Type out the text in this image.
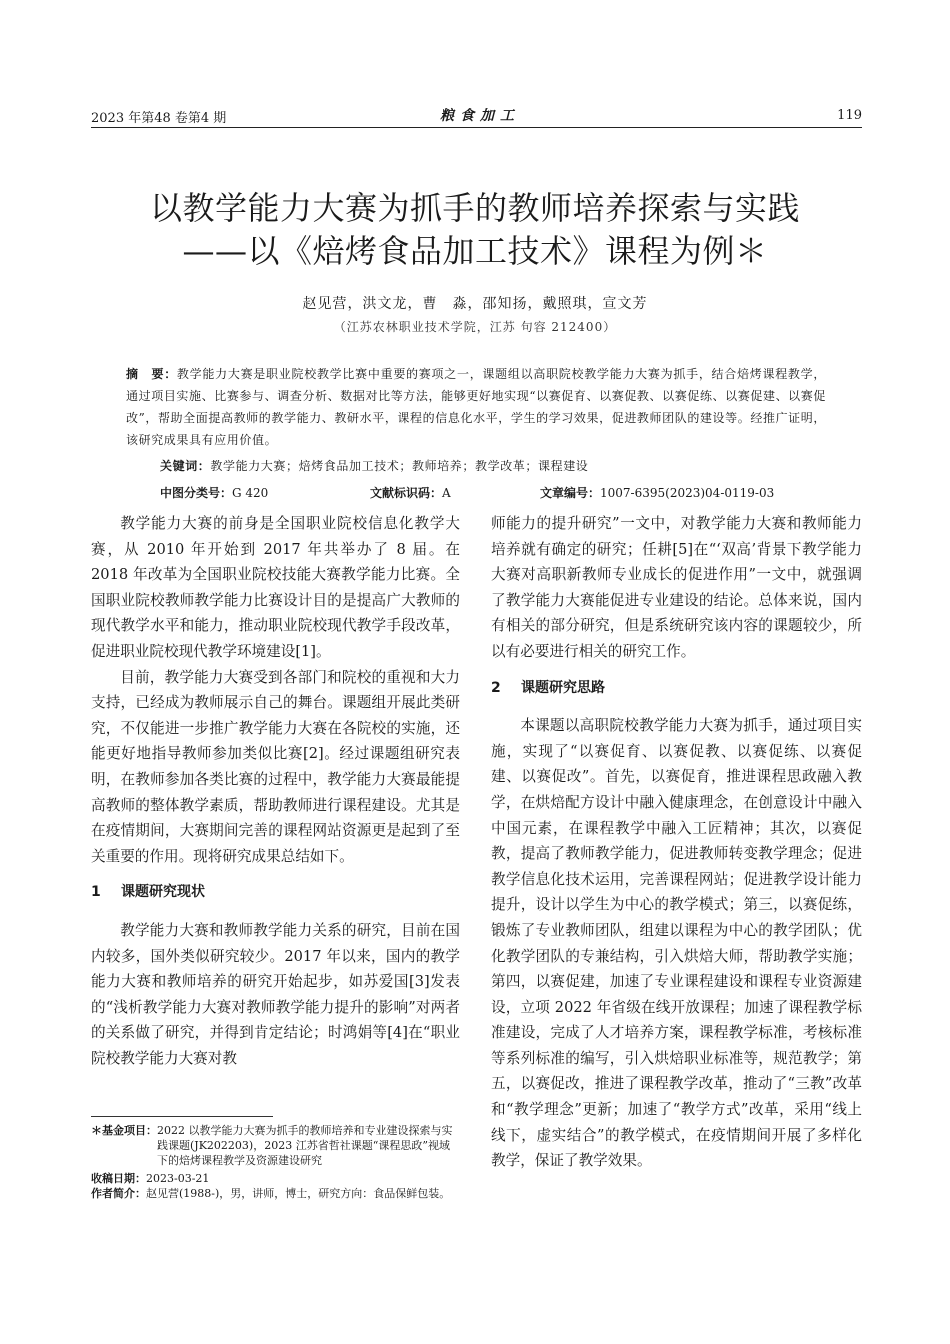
2023 年第48 卷第4 期	粮食加工	119
以教学能力大赛为抓手的教师培养探索与实践
——以《焙烤食品加工技术》课程为例＊
赵见营，洪文龙，曹　淼，邵知扬，戴照琪，宣文芳
（江苏农林职业技术学院，江苏 句容 212400）
摘　要：教学能力大赛是职业院校教学比赛中重要的赛项之一，课题组以高职院校教学能力大赛为抓手，结合焙烤课程教学，通过项目实施、比赛参与、调查分析、数据对比等方法，能够更好地实现“以赛促育、以赛促教、以赛促练、以赛促建、以赛促改”，帮助全面提高教师的教学能力、教研水平，课程的信息化水平，学生的学习效果，促进教师团队的建设等。经推广证明，该研究成果具有应用价值。
关键词：教学能力大赛；焙烤食品加工技术；教师培养；教学改革；课程建设
中图分类号：G 420	文献标识码：A	文章编号：1007-6395(2023)04-0119-03

教学能力大赛的前身是全国职业院校信息化教学大赛，从 2010 年开始到 2017 年共举办了 8 届。在 2018 年改革为全国职业院校技能大赛教学能力比赛。全国职业院校教师教学能力比赛设计目的是提高广大教师的现代教学水平和能力，推动职业院校现代教学手段改革，促进职业院校现代教学环境建设[1]。

目前，教学能力大赛受到各部门和院校的重视和大力支持，已经成为教师展示自己的舞台。课题组开展此类研究，不仅能进一步推广教学能力大赛在各院校的实施，还能更好地指导教师参加类似比赛[2]。经过课题组研究表明，在教师参加各类比赛的过程中，教学能力大赛最能提高教师的整体教学素质，帮助教师进行课程建设。尤其是在疫情期间，大赛期间完善的课程网站资源更是起到了至关重要的作用。现将研究成果总结如下。

1 课题研究现状

教学能力大赛和教师教学能力关系的研究，目前在国内较多，国外类似研究较少。2017 年以来，国内的教学能力大赛和教师培养的研究开始起步，如苏爱国[3]发表的“浅析教学能力大赛对教师教学能力提升的影响”对两者的关系做了研究，并得到肯定结论；时鸿娟等[4]在“职业院校教学能力大赛对教

师能力的提升研究”一文中，对教学能力大赛和教师能力培养就有确定的研究；任耕[5]在“‘双高’背景下教学能力大赛对高职新教师专业成长的促进作用”一文中，就强调了教学能力大赛能促进专业建设的结论。总体来说，国内有相关的部分研究，但是系统研究该内容的课题较少，所以有必要进行相关的研究工作。

2 课题研究思路

本课题以高职院校教学能力大赛为抓手，通过项目实施，实现了“以赛促育、以赛促教、以赛促练、以赛促建、以赛促改”。首先，以赛促育，推进课程思政融入教学，在烘焙配方设计中融入健康理念，在创意设计中融入中国元素，在课程教学中融入工匠精神；其次，以赛促教，提高了教师教学能力，促进教师转变教学理念；促进教学信息化技术运用，完善课程网站；促进教学设计能力提升，设计以学生为中心的教学模式；第三，以赛促练，锻炼了专业教师团队，组建以课程为中心的教学团队；优化教学团队的专兼结构，引入烘焙大师，帮助教学实施；第四，以赛促建，加速了专业课程建设和课程专业资源建设，立项 2022 年省级在线开放课程；加速了课程教学标准建设，完成了人才培养方案，课程教学标准，考核标准等系列标准的编写，引入烘焙职业标准等，规范教学；第五，以赛促改，推进了课程教学改革，推动了“三教”改革和“教学理念”更新；加速了“教学方式”改革，采用“线上线下，虚实结合”的教学模式，在疫情期间开展了多样化教学，保证了教学效果。

＊基金项目： 2022 以教学能力大赛为抓手的教师培养和专业建设探索与实践课题(JK202203)，2023 江苏省哲社课题“课程思政”视域下的焙烤课程教学及资源建设研究
收稿日期： 2023-03-21
作者简介： 赵见营(1988-)，男，讲师，博士，研究方向：食品保鲜包装。
